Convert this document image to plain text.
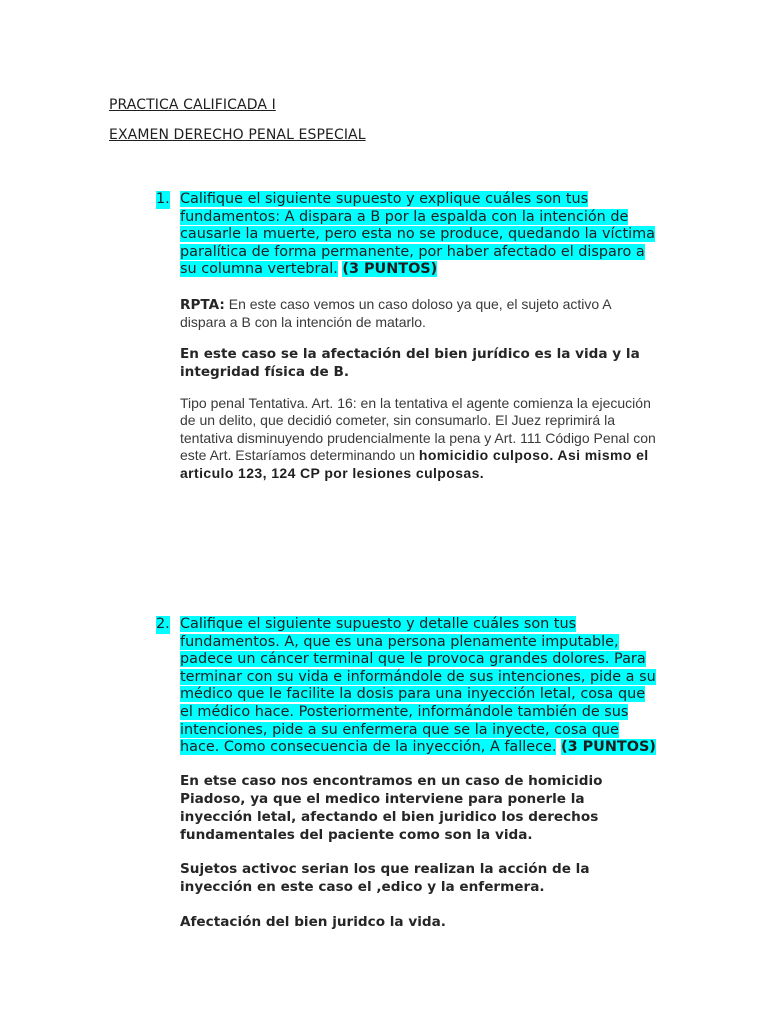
PRACTICA CALIFICADA I

EXAMEN DERECHO PENAL ESPECIAL

1. Califique el siguiente supuesto y explique cuáles son tus fundamentos: A dispara a B por la espalda con la intención de causarle la muerte, pero esta no se produce, quedando la víctima paralítica de forma permanente, por haber afectado el disparo a su columna vertebral. (3 PUNTOS)

RPTA: En este caso vemos un caso doloso ya que, el sujeto activo A dispara a B con la intención de matarlo.

En este caso se la afectación del bien jurídico es la vida y la integridad física de B.

Tipo penal Tentativa. Art. 16: en la tentativa el agente comienza la ejecución de un delito, que decidió cometer, sin consumarlo. El Juez reprimirá la tentativa disminuyendo prudencialmente la pena y Art. 111 Código Penal con este Art. Estaríamos determinando un homicidio culposo. Asi mismo el articulo 123, 124 CP por lesiones culposas.

2. Califique el siguiente supuesto y detalle cuáles son tus fundamentos. A, que es una persona plenamente imputable, padece un cáncer terminal que le provoca grandes dolores. Para terminar con su vida e informándole de sus intenciones, pide a su médico que le facilite la dosis para una inyección letal, cosa que el médico hace. Posteriormente, informándole también de sus intenciones, pide a su enfermera que se la inyecte, cosa que hace. Como consecuencia de la inyección, A fallece. (3 PUNTOS)

En etse caso nos encontramos en un caso de homicidio Piadoso, ya que el medico interviene para ponerle la inyección letal, afectando el bien juridico los derechos fundamentales del paciente como son la vida.

Sujetos activoc serian los que realizan la acción de la inyección en este caso el ,edico y la enfermera.

Afectación del bien juridco la vida.
